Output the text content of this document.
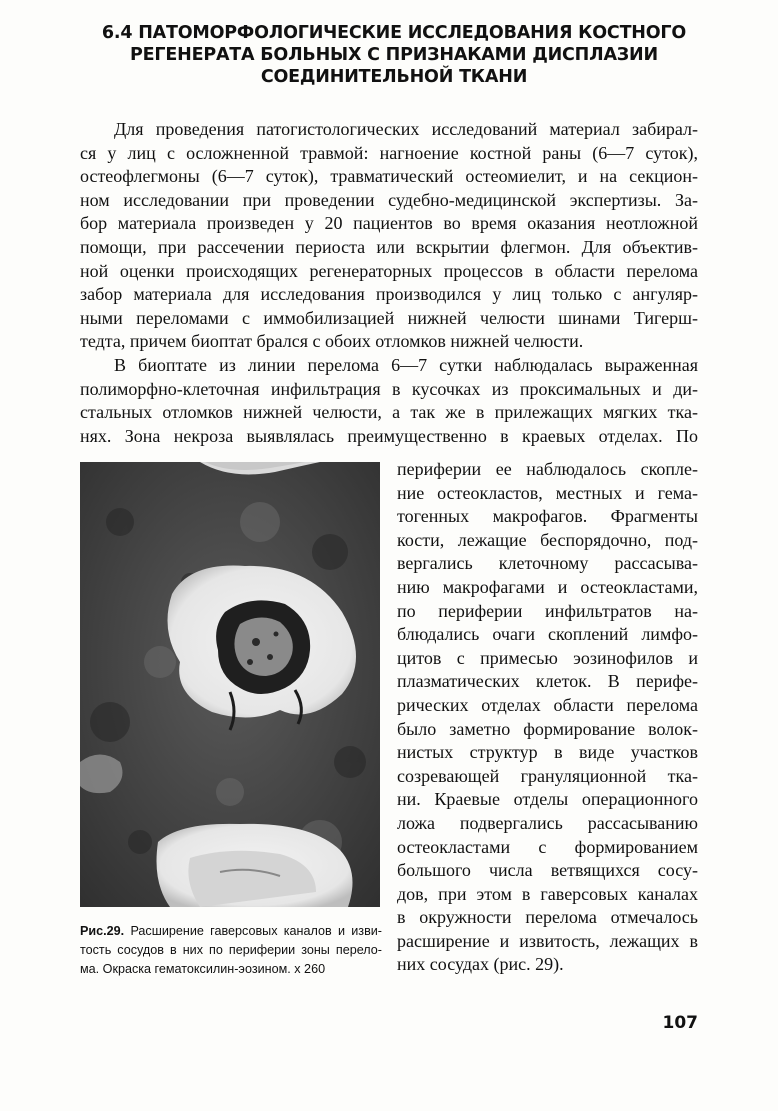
6.4 ПАТОМОРФОЛОГИЧЕСКИЕ ИССЛЕДОВАНИЯ КОСТНОГО
РЕГЕНЕРАТА БОЛЬНЫХ С ПРИЗНАКАМИ ДИСПЛАЗИИ
СОЕДИНИТЕЛЬНОЙ ТКАНИ
Для проведения патогистологических исследований материал забирал-
ся у лиц с осложненной травмой: нагноение костной раны (6—7 суток),
остеофлегмоны (6—7 суток), травматический остеомиелит, и на секцион-
ном исследовании при проведении судебно-медицинской экспертизы. За-
бор материала произведен у 20 пациентов во время оказания неотложной
помощи, при рассечении периоста или вскрытии флегмон. Для объектив-
ной оценки происходящих регенераторных процессов в области перелома
забор материала для исследования производился у лиц только с ангуляр-
ными переломами с иммобилизацией нижней челюсти шинами Тигерш-
тедта, причем биоптат брался с обоих отломков нижней челюсти.
В биоптате из линии перелома 6—7 сутки наблюдалась выраженная
полиморфно-клеточная инфильтрация в кусочках из проксимальных и ди-
стальных отломков нижней челюсти, а так же в прилежащих мягких тка-
нях. Зона некроза выявлялась преимущественно в краевых отделах. По
периферии ее наблюдалось скопле-
ние остеокластов, местных и гема-
тогенных макрофагов. Фрагменты
кости, лежащие беспорядочно, под-
вергались клеточному рассасыва-
нию макрофагами и остеокластами,
по периферии инфильтратов на-
блюдались очаги скоплений лимфо-
цитов с примесью эозинофилов и
плазматических клеток. В перифе-
рических отделах области перелома
было заметно формирование волок-
нистых структур в виде участков
созревающей грануляционной тка-
ни. Краевые отделы операционного
ложа подвергались рассасыванию
остеокластами с формированием
большого числа ветвящихся сосу-
дов, при этом в гаверсовых каналах
в окружности перелома отмечалось
расширение и извитость, лежащих в
них сосудах (рис. 29).
Рис.29. Расширение гаверсовых каналов и изви-
тость сосудов в них по периферии зоны перело-
ма. Окраска гематоксилин-эозином. х 260
107
